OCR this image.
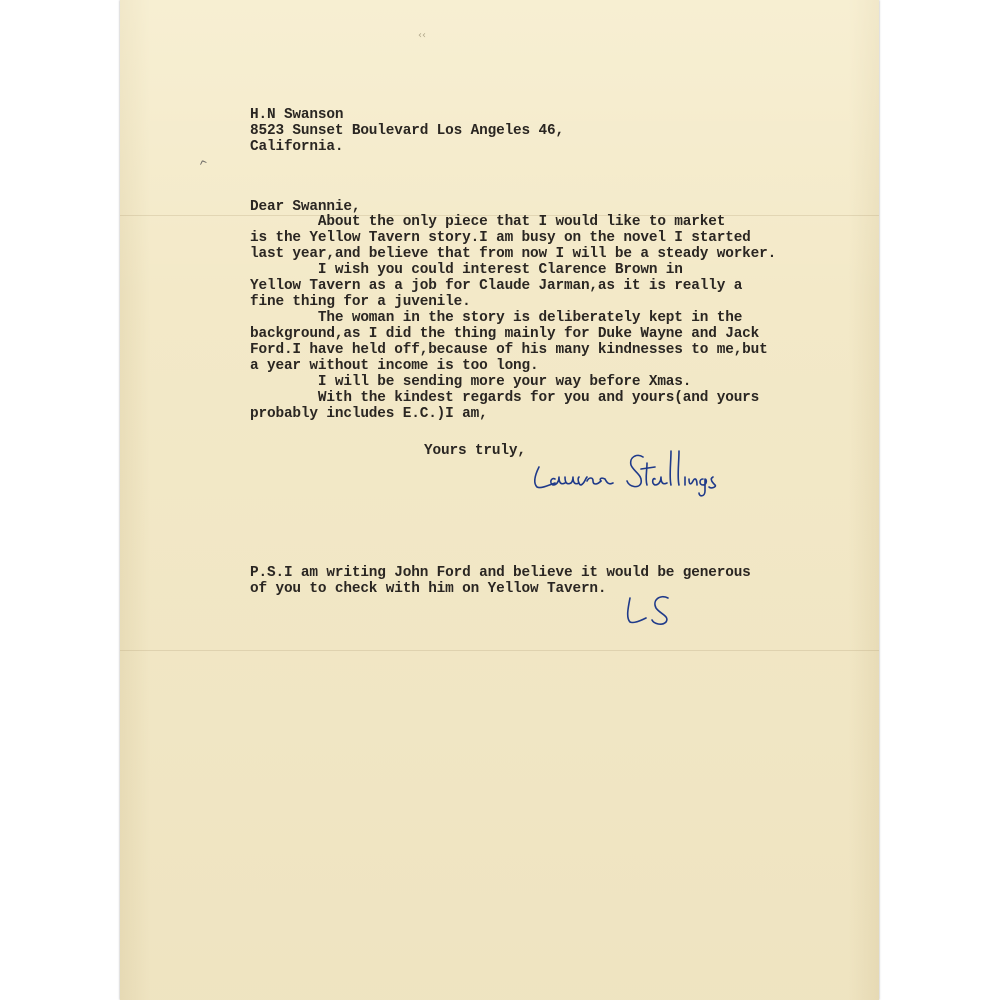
‹‹
H.N Swanson
8523 Sunset Boulevard Los Angeles 46,
California.
^
Dear Swannie,
About the only piece that I would like to market
is the Yellow Tavern story.I am busy on the novel I started
last year,and believe that from now I will be a steady worker.
I wish you could interest Clarence Brown in
Yellow Tavern as a job for Claude Jarman,as it is really a
fine thing for a juvenile.
The woman in the story is deliberately kept in the
background,as I did the thing mainly for Duke Wayne and Jack
Ford.I have held off,because of his many kindnesses to me,but
a year without income is too long.
I will be sending more your way before Xmas.
With the kindest regards for you and yours(and yours
probably includes E.C.)I am,
Yours truly,
Laurence Stallings
P.S.I am writing John Ford and believe it would be generous
of you to check with him on Yellow Tavern.	LS
